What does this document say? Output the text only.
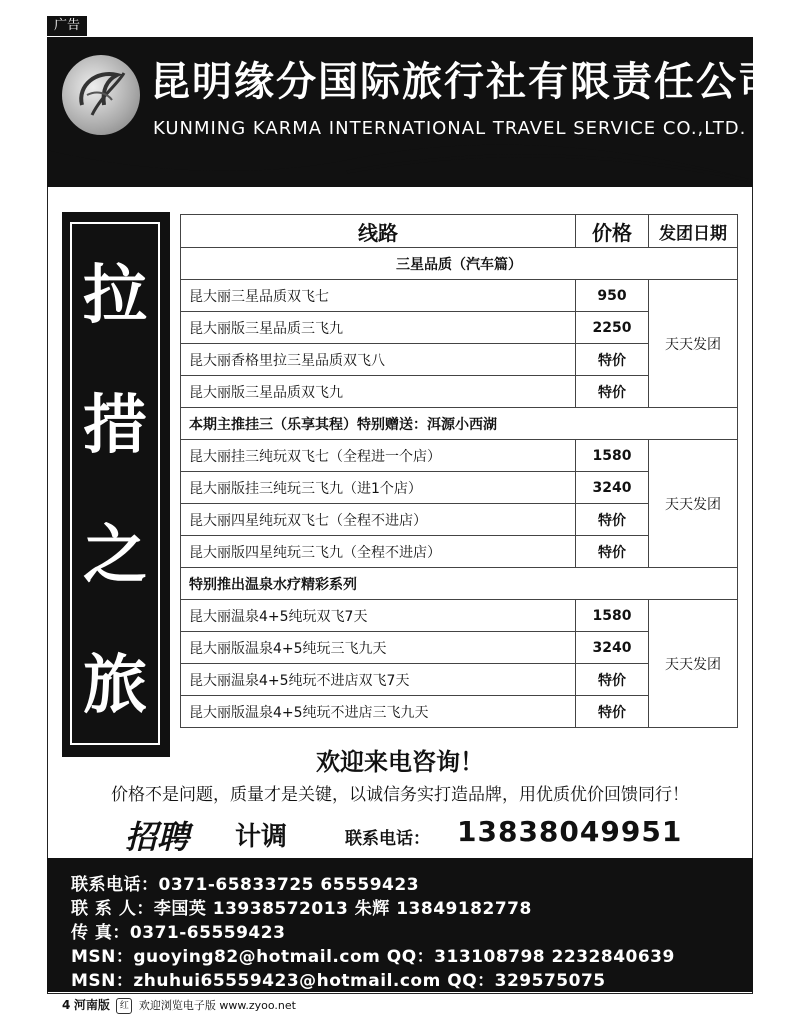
广告
昆明缘分国际旅行社有限责任公司
KUNMING KARMA INTERNATIONAL TRAVEL SERVICE CO.,LTD.
拉
措
之
旅
线路	价格	发团日期
三星品质（汽车篇）		
昆大丽三星品质双飞七	950	天天发团
昆大丽版三星品质三飞九	2250	
昆大丽香格里拉三星品质双飞八	特价	
昆大丽版三星品质双飞九	特价	
本期主推挂三（乐享其程）特别赠送：洱源小西湖		
昆大丽挂三纯玩双飞七（全程进一个店）	1580	天天发团
昆大丽版挂三纯玩三飞九（进1个店）	3240	
昆大丽四星纯玩双飞七（全程不进店）	特价	
昆大丽版四星纯玩三飞九（全程不进店）	特价	
特别推出温泉水疗精彩系列		
昆大丽温泉4+5纯玩双飞7天	1580	天天发团
昆大丽版温泉4+5纯玩三飞九天	3240	
昆大丽温泉4+5纯玩不进店双飞7天	特价	
昆大丽版温泉4+5纯玩不进店三飞九天	特价	
欢迎来电咨询！
价格不是问题，质量才是关键，以诚信务实打造品牌，用优质优价回馈同行！
招聘 计调	联系电话： 13838049951
联系电话：0371-65833725 65559423
联 系 人：李国英 13938572013 朱辉 13849182778
传 真：0371-65559423
MSN：guoying82@hotmail.com QQ：313108798 2232840639
MSN：zhuhui65559423@hotmail.com QQ：329575075
4 河南版 红 欢迎浏览电子版 www.zyoo.net
